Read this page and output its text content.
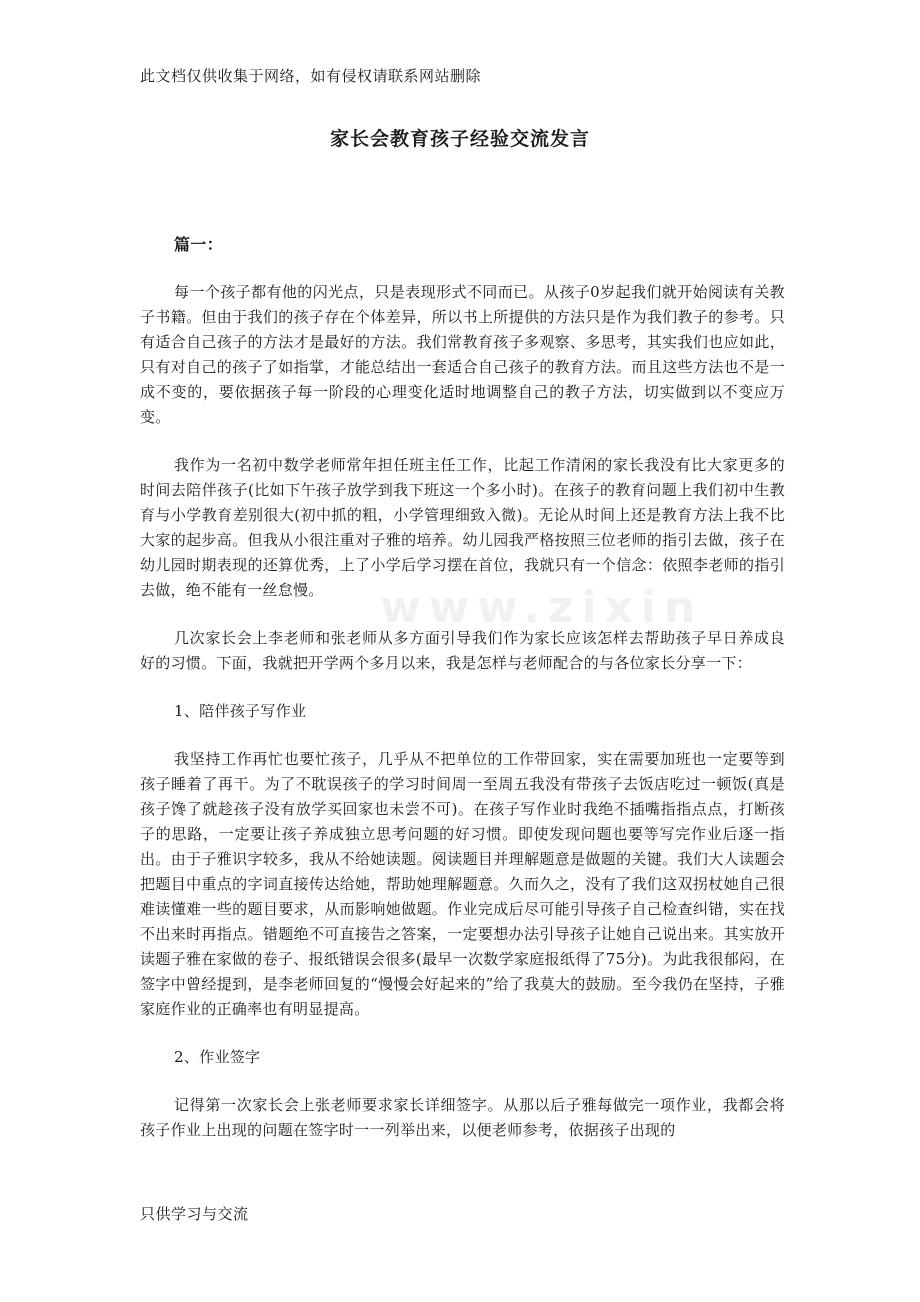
此文档仅供收集于网络，如有侵权请联系网站删除
家长会教育孩子经验交流发言

篇一：

每一个孩子都有他的闪光点，只是表现形式不同而已。从孩子0岁起我们就开始阅读有关教子书籍。但由于我们的孩子存在个体差异，所以书上所提供的方法只是作为我们教子的参考。只有适合自己孩子的方法才是最好的方法。我们常教育孩子多观察、多思考，其实我们也应如此，只有对自己的孩子了如指掌，才能总结出一套适合自己孩子的教育方法。而且这些方法也不是一成不变的，要依据孩子每一阶段的心理变化适时地调整自己的教子方法，切实做到以不变应万变。

我作为一名初中数学老师常年担任班主任工作，比起工作清闲的家长我没有比大家更多的时间去陪伴孩子(比如下午孩子放学到我下班这一个多小时)。在孩子的教育问题上我们初中生教育与小学教育差别很大(初中抓的粗，小学管理细致入微)。无论从时间上还是教育方法上我不比大家的起步高。但我从小很注重对子雅的培养。幼儿园我严格按照三位老师的指引去做，孩子在幼儿园时期表现的还算优秀，上了小学后学习摆在首位，我就只有一个信念：依照李老师的指引去做，绝不能有一丝怠慢。

几次家长会上李老师和张老师从多方面引导我们作为家长应该怎样去帮助孩子早日养成良好的习惯。下面，我就把开学两个多月以来，我是怎样与老师配合的与各位家长分享一下：

1、陪伴孩子写作业

我坚持工作再忙也要忙孩子，几乎从不把单位的工作带回家，实在需要加班也一定要等到孩子睡着了再干。为了不耽误孩子的学习时间周一至周五我没有带孩子去饭店吃过一顿饭(真是孩子馋了就趁孩子没有放学买回家也未尝不可)。在孩子写作业时我绝不插嘴指指点点，打断孩子的思路，一定要让孩子养成独立思考问题的好习惯。即使发现问题也要等写完作业后逐一指出。由于子雅识字较多，我从不给她读题。阅读题目并理解题意是做题的关键。我们大人读题会把题目中重点的字词直接传达给她，帮助她理解题意。久而久之，没有了我们这双拐杖她自己很难读懂难一些的题目要求，从而影响她做题。作业完成后尽可能引导孩子自己检查纠错，实在找不出来时再指点。错题绝不可直接告之答案，一定要想办法引导孩子让她自己说出来。其实放开读题子雅在家做的卷子、报纸错误会很多(最早一次数学家庭报纸得了75分)。为此我很郁闷，在签字中曾经提到，是李老师回复的“慢慢会好起来的”给了我莫大的鼓励。至今我仍在坚持，子雅家庭作业的正确率也有明显提高。

2、作业签字

记得第一次家长会上张老师要求家长详细签字。从那以后子雅每做完一项作业，我都会将孩子作业上出现的问题在签字时一一列举出来，以便老师参考，依据孩子出现的

www.zixin
只供学习与交流
